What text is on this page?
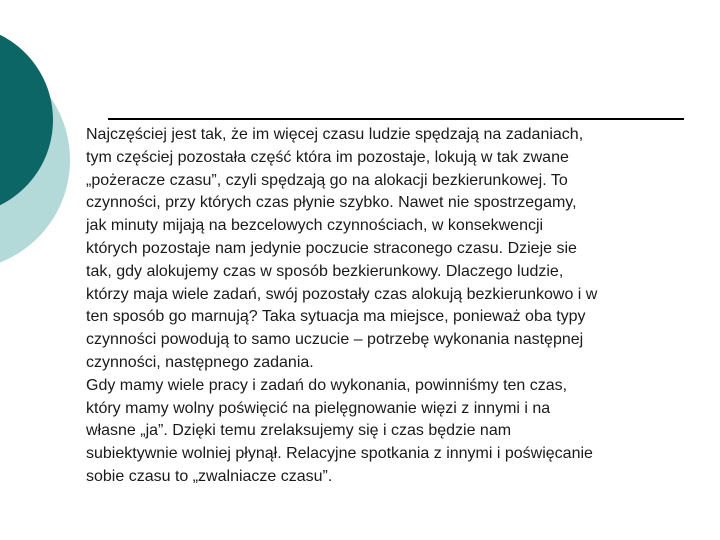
Najczęściej jest tak, że im więcej czasu ludzie spędzają na zadaniach,
tym częściej pozostała część która im pozostaje, lokują w tak zwane
„pożeracze czasu”, czyli spędzają go na alokacji bezkierunkowej. To
czynności, przy których czas płynie szybko. Nawet nie spostrzegamy,
jak minuty mijają na bezcelowych czynnościach, w konsekwencji
których pozostaje nam jedynie poczucie straconego czasu. Dzieje sie
tak, gdy alokujemy czas w sposób bezkierunkowy. Dlaczego ludzie,
którzy maja wiele zadań, swój pozostały czas alokują bezkierunkowo i w
ten sposób go marnują? Taka sytuacja ma miejsce, ponieważ oba typy
czynności powodują to samo uczucie – potrzebę wykonania następnej
czynności, następnego zadania.
Gdy mamy wiele pracy i zadań do wykonania, powinniśmy ten czas,
który mamy wolny poświęcić na pielęgnowanie więzi z innymi i na
własne „ja”. Dzięki temu zrelaksujemy się i czas będzie nam
subiektywnie wolniej płynął. Relacyjne spotkania z innymi i poświęcanie
sobie czasu to „zwalniacze czasu”.
